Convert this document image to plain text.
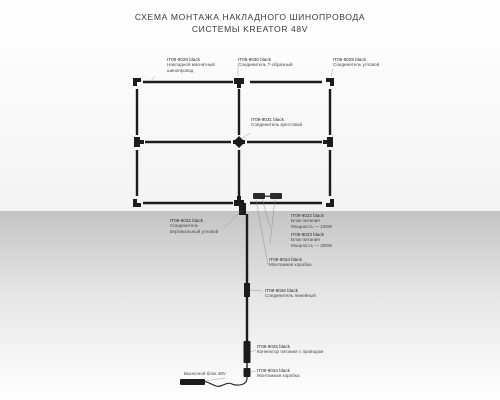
СХЕМА МОНТАЖА НАКЛАДНОГО ШИНОПРОВОДА
СИСТЕМЫ KREATOR 48V
IT09-9028 black
Накладной магнитный
шинопровод
IT09-9030 black
Соединитель Т-образный
IT09-9029 black
Соединитель угловой
IT09-9031 black
Соединитель крестовой
IT09-9032 black
Соединитель
вертикальный угловой
IT09-9022 black
Блок питания
Мощность — 100W
IT09-9023 black
Блок питания
Мощность — 200W
IT09-9034 black
Монтажная коробка
IT09-9026 black
Соединитель линейный
IT09-9025 black
Коннектор питания с проводом
IT09-9034 black
Монтажная коробка
Выносной блок 48V
